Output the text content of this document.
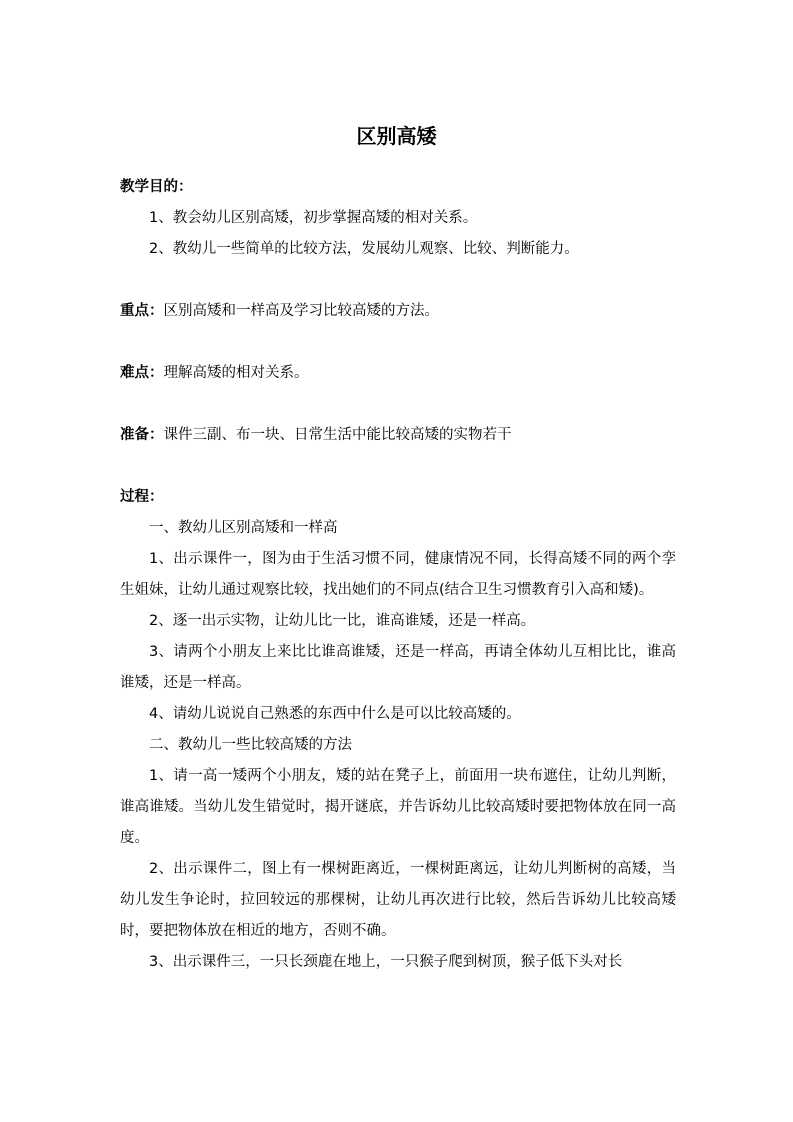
区别高矮

教学目的：

1、教会幼儿区别高矮，初步掌握高矮的相对关系。

2、教幼儿一些简单的比较方法，发展幼儿观察、比较、判断能力。

重点：区别高矮和一样高及学习比较高矮的方法。

难点：理解高矮的相对关系。

准备：课件三副、布一块、日常生活中能比较高矮的实物若干

过程：

一、教幼儿区别高矮和一样高

1、出示课件一，图为由于生活习惯不同，健康情况不同，长得高矮不同的两个孪生姐妹，让幼儿通过观察比较，找出她们的不同点(结合卫生习惯教育引入高和矮)。

2、逐一出示实物，让幼儿比一比，谁高谁矮，还是一样高。

3、请两个小朋友上来比比谁高谁矮，还是一样高，再请全体幼儿互相比比，谁高谁矮，还是一样高。

4、请幼儿说说自己熟悉的东西中什么是可以比较高矮的。

二、教幼儿一些比较高矮的方法

1、请一高一矮两个小朋友，矮的站在凳子上，前面用一块布遮住，让幼儿判断，谁高谁矮。当幼儿发生错觉时，揭开谜底，并告诉幼儿比较高矮时要把物体放在同一高度。

2、出示课件二，图上有一棵树距离近，一棵树距离远，让幼儿判断树的高矮，当幼儿发生争论时，拉回较远的那棵树，让幼儿再次进行比较，然后告诉幼儿比较高矮时，要把物体放在相近的地方，否则不确。

3、出示课件三，一只长颈鹿在地上，一只猴子爬到树顶，猴子低下头对长
